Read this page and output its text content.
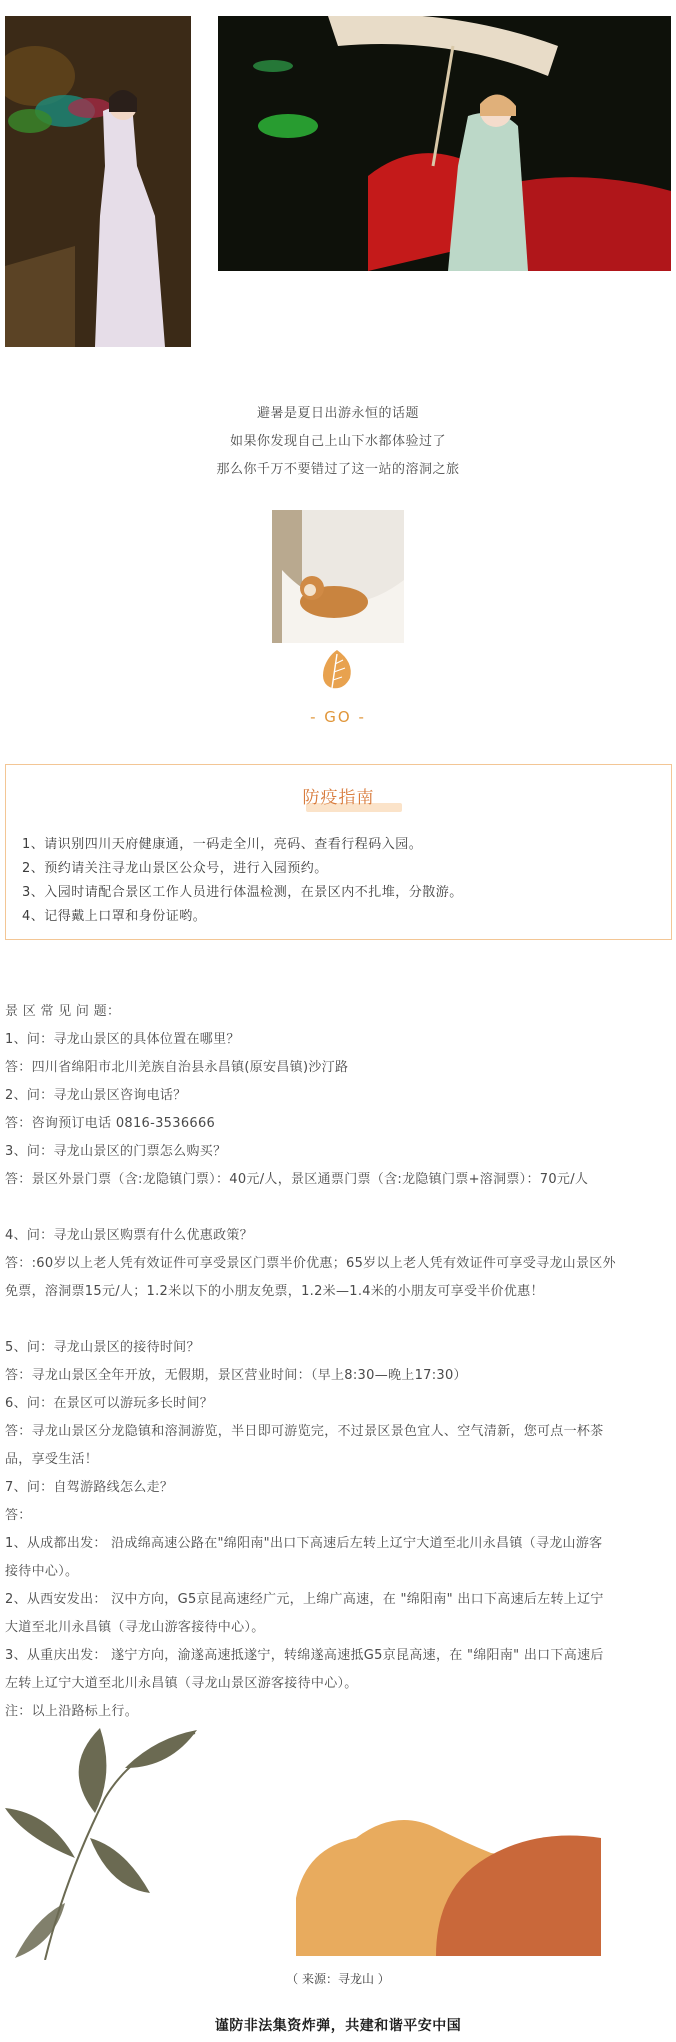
避暑是夏日出游永恒的话题
如果你发现自己上山下水都体验过了
那么你千万不要错过了这一站的溶洞之旅
- GO -
防疫指南
1、请识别四川天府健康通，一码走全川，亮码、查看行程码入园。
2、预约请关注寻龙山景区公众号，进行入园预约。
3、入园时请配合景区工作人员进行体温检测，在景区内不扎堆，分散游。
4、记得戴上口罩和身份证哟。
景 区 常 见 问 题：
1、问：寻龙山景区的具体位置在哪里？
答：四川省绵阳市北川羌族自治县永昌镇(原安昌镇)沙汀路
2、问：寻龙山景区咨询电话？
答：咨询预订电话 0816-3536666
3、问：寻龙山景区的门票怎么购买？
答：景区外景门票（含:龙隐镇门票）：40元/人，景区通票门票（含:龙隐镇门票+溶洞票）：70元/人
4、问：寻龙山景区购票有什么优惠政策？
答：:60岁以上老人凭有效证件可享受景区门票半价优惠；65岁以上老人凭有效证件可享受寻龙山景区外
免票，溶洞票15元/人；1.2米以下的小朋友免票，1.2米—1.4米的小朋友可享受半价优惠！
5、问：寻龙山景区的接待时间？
答：寻龙山景区全年开放，无假期，景区营业时间：（早上8:30—晚上17:30）
6、问：在景区可以游玩多长时间？
答：寻龙山景区分龙隐镇和溶洞游览，半日即可游览完，不过景区景色宜人、空气清新，您可点一杯茶
品，享受生活！
7、问：自驾游路线怎么走？
答：
1、从成都出发： 沿成绵高速公路在"绵阳南"出口下高速后左转上辽宁大道至北川永昌镇（寻龙山游客
接待中心）。
2、从西安发出： 汉中方向，G5京昆高速经广元，上绵广高速，在 "绵阳南" 出口下高速后左转上辽宁
大道至北川永昌镇（寻龙山游客接待中心）。
3、从重庆出发： 遂宁方向，渝遂高速抵遂宁，转绵遂高速抵G5京昆高速，在 "绵阳南" 出口下高速后
左转上辽宁大道至北川永昌镇（寻龙山景区游客接待中心）。
注：以上沿路标上行。
（ 来源：寻龙山 ）
谨防非法集资炸弹，共建和谐平安中国
